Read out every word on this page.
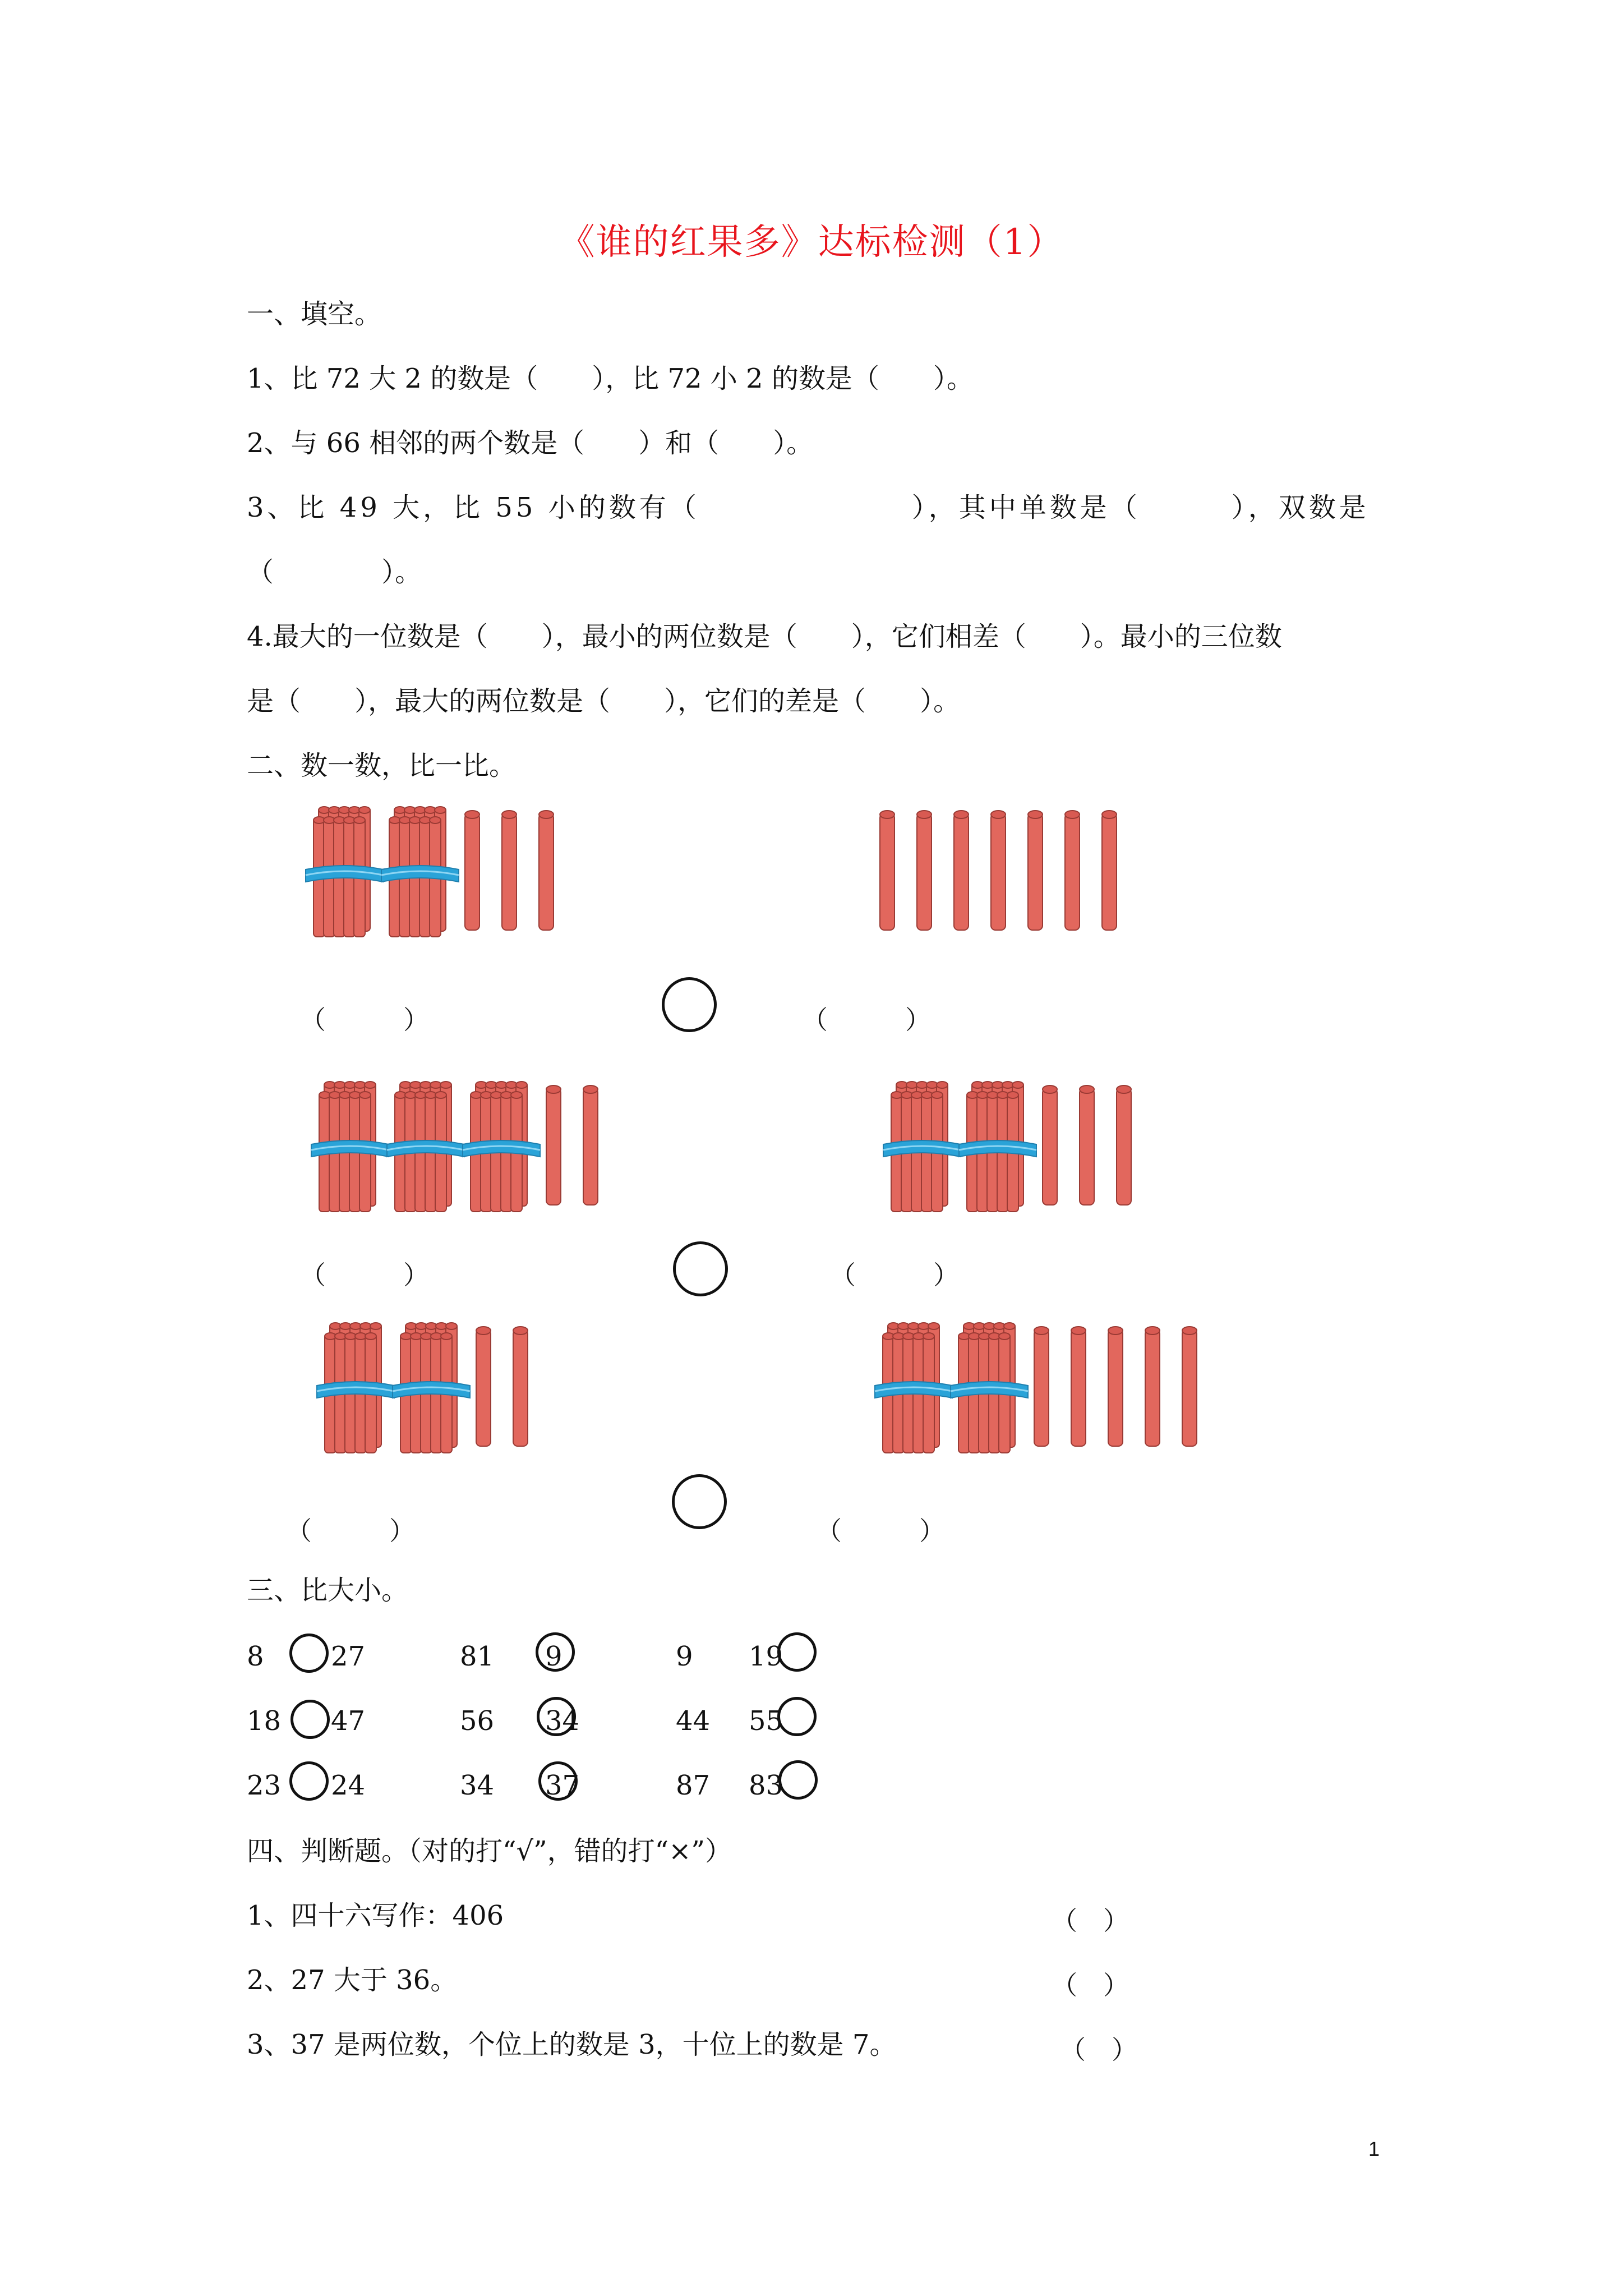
《谁的红果多》达标检测（1）
一、填空。
1、比 72 大 2 的数是（　　），比 72 小 2 的数是（　　）。
2、与 66 相邻的两个数是（　　）和（　　）。
3、比 49 大，比 55 小的数有（　　　　　　　），其中单数是（　　　），双数是
（　　　　）。
4.最大的一位数是（　　），最小的两位数是（　　），它们相差（　　）。最小的三位数
是（　　），最大的两位数是（　　），它们的差是（　　）。
二、数一数，比一比。
（　　　）	（　　　）
（　　　）	（　　　）
（　　　）	（　　　）
三、比大小。
8 27	81 9	9 19
18 47	56 34	44 55
23 24	34 37	87 83
四、判断题。（对的打“√”，错的打“×”）
1、四十六写作：406	（　）
2、27 大于 36。	（　）
3、37 是两位数，个位上的数是 3，十位上的数是 7。	（　）
1
